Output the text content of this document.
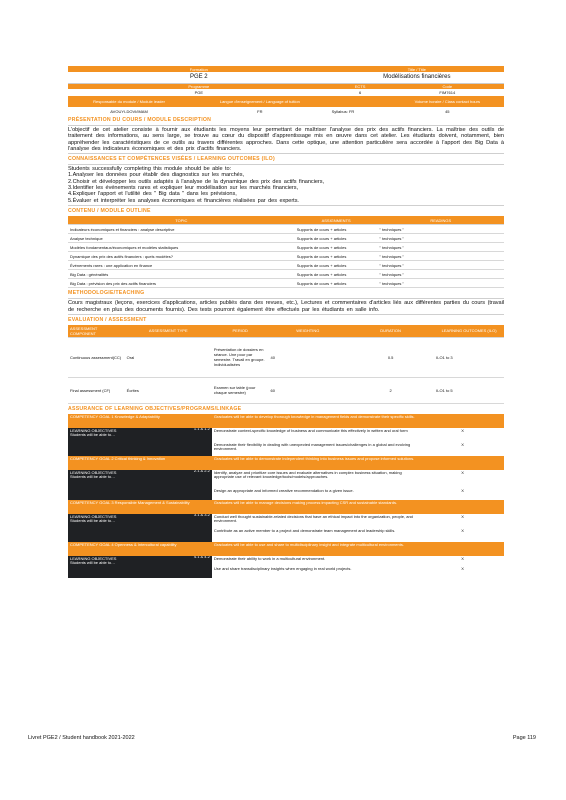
Formation		Title / Title	
PGE 2		Modélisations financières	
Programme		ECTS	Code
PGE		6	FIM7614
Responsable du module / Module leader	Langue d'enseignement / Language of tuition		Volume horaire / Class contact hours
AVOUYI-DOVI/IMAM	FR	Syllabus: FR	45
PRÉSENTATION DU COURS / MODULE DESCRIPTION

L'objectif de cet atelier consiste à fournir aux étudiants les moyens leur permettant de maîtriser l'analyse des prix des actifs financiers. La maîtrise des outils de traitement des informations, au sens large, se trouve au cœur du dispositif d'apprentissage mis en œuvre dans cet atelier. Les étudiants doivent, notamment, bien appréhender les caractéristiques de ce outils au travers différentes approches. Dans cette optique, une attention particulière sera accordée à l'apport des Big Data à l'analyse des indicateurs économiques et des prix d'actifs financiers.

CONNAISSANCES ET COMPÉTENCES VISÉES / LEARNING OUTCOMES (ILO)

Students successfully completing this module should be able to:

1.Analyser les données pour établir des diagnostics sur les marchés,

2.Choisir et développer les outils adaptés à l'analyse de la dynamique des prix des actifs financiers,

3.Identifier les événements rares et expliquer leur modélisation sur les marchés financiers,

4.Expliquer l'apport et l'utilité des " Big data " dans les prévisions,

5.Évaluer et interpréter les analyses économiques et financières réalisées par des experts.

CONTENU / MODULE OUTLINE
TOPIC	ASSIGNMENTS	READINGS
Indicateurs économiques et financiers : analyse descriptive	Supports de cours + articles	" techniques "
Analyse technique	Supports de cours + articles	" techniques "
Modèles fondamentaux/économiques et modèles statistiques	Supports de cours + articles	" techniques "
Dynamique des prix des actifs financiers : quels modèles?	Supports de cours + articles	" techniques "
Événements rares : une application en finance	Supports de cours + articles	" techniques "
Big Data : généralités	Supports de cours + articles	" techniques "
Big Data : prévision des prix des actifs financiers	Supports de cours + articles	" techniques "
METHODOLOGIE/TEACHING

Cours magistraux (leçons, exercices d'applications, articles publiés dans des revues, etc.), Lectures et commentaires d'articles liés aux différentes parties du cours (travail de recherche en plus des documents fournis). Des tests pourront également être effectués par les étudiants en salle info.

EVALUATION / ASSESSMENT
ASSESSMENT COMPONENT	ASSESSMENT TYPE	PERIOD	WEIGHTING	DURATION	LEARNING OUTCOMES (ILO)
Continuous assessment(CC)	Oral	Présentation de dossiers en séance. Une pour par semestre. Travail en groupe. Individualisées	40	0.5	ILO1 to 3
Final assessment (CF)	Écrites	Examen sur table (pour chaque semestre)	60	2	ILO1 to 5
ASSURANCE OF LEARNING OBJECTIVES/PROGRAMS/LINKAGE
COMPETENCY GOAL 1 Knowledge & Adaptability	Graduates will be able to develop thorough knowledge in management fields and demonstrate their specific skills.	
LEARNING OBJECTIVES
Students will be able to…
1.1 & 1.2	Demonstrate context-specific knowledge of business and communicate this effectively in written and oral form	X
	Demonstrate their flexibility in dealing with unexpected management issues/challenges in a global and evolving environment.	X
COMPETENCY GOAL 2 Critical thinking & Innovation	Graduates will be able to demonstrate independent thinking into business issues and propose informed solutions.	
LEARNING OBJECTIVES
Students will be able to…
2.1 & 2.2	Identify, analyze and prioritize core issues and evaluate alternatives in complex business situation, making appropriate use of relevant knowledge/tools/models/approaches.	X
	Design an appropriate and informed creative recommendation to a given issue.	X
COMPETENCY GOAL 3 Responsible Management & Sustainability	Graduates will be able to manage decisions making process impacting CSR and sustainable standards.	
LEARNING OBJECTIVES
Students will be able to…
3.1 & 3.2	Conduct well thought sustainable-related decisions that have an ethical impact into the organization, people, and environment.	X
	Contribute as an active member to a project and demonstrate team management and leadership skills.	X
COMPETENCY GOAL 4 Openness & Intercultural capability	Graduates will be able to use and share to multidisciplinary insight and integrate multicultural environments.	
LEARNING OBJECTIVES
Students will be able to…
4.1 & 4.2	Demonstrate their ability to work in a multicultural environment.	X
	Use and share transdisciplinary insights when engaging in real world projects.	X
Livret PGE2 / Student handbook 2021-2022	Page 119
